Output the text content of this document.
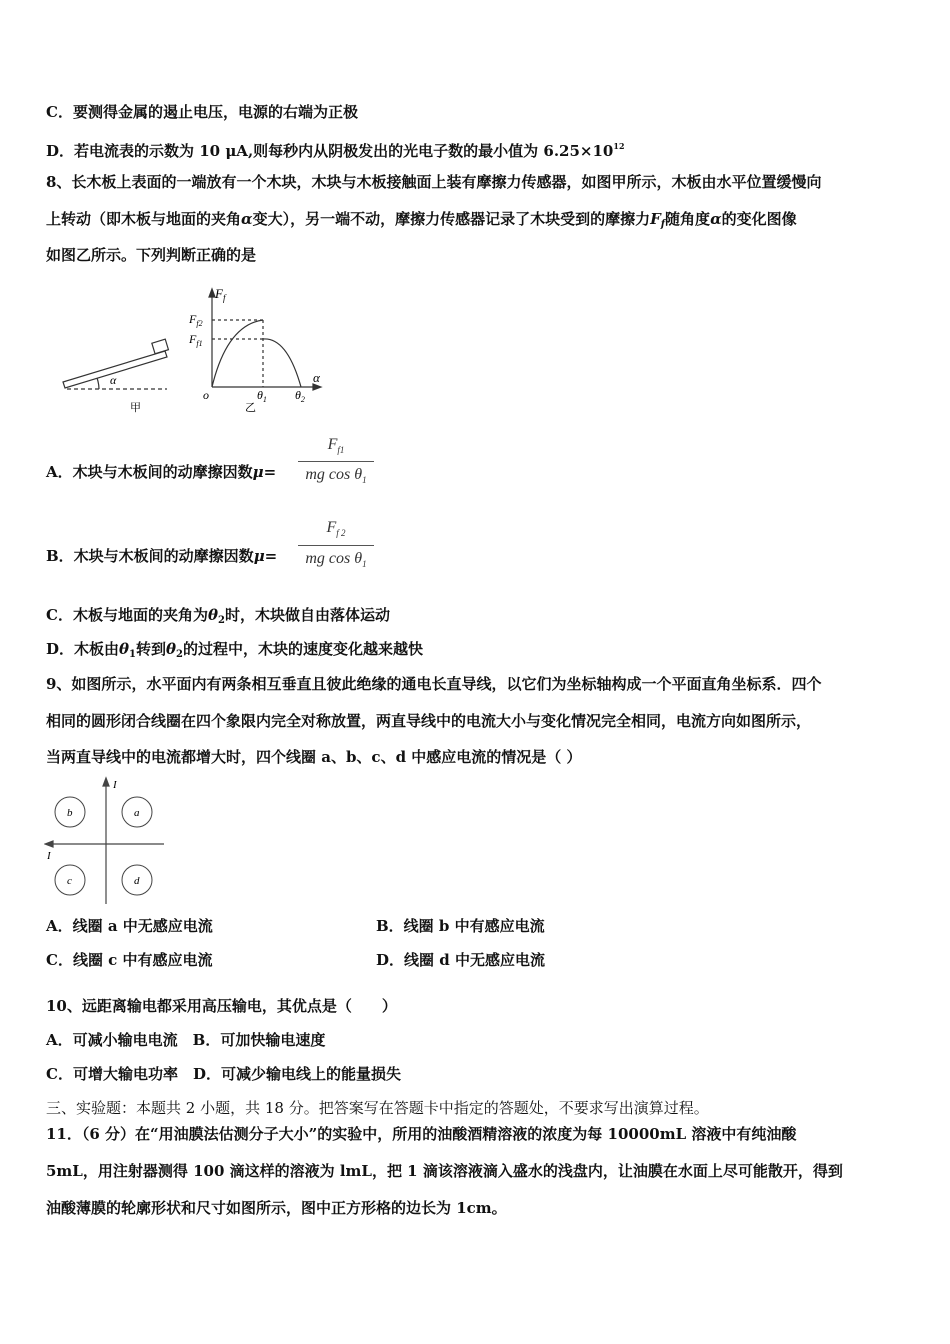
C．要测得金属的遏止电压，电源的右端为正极
D．若电流表的示数为 10 μA,则每秒内从阴极发出的光电子数的最小值为 $6.25\times 10^{12}$
8、长木板上表面的一端放有一个木块，木块与木板接触面上装有摩擦力传感器，如图甲所示，木板由水平位置缓慢向
上转动（即木板与地面的夹角α变大），另一端不动，摩擦力传感器记录了木块受到的摩擦力$F_f$随角度α的变化图像
如图乙所示。下列判断正确的是
α
甲
$F_f$
$F_{f2}$
$F_{f1}$
o	$\theta_1$ $\theta_2$
α
乙
A．木块与木板间的动摩擦因数μ=
$F_{f1}$
mg $\cos \theta_1$
B．木块与木板间的动摩擦因数μ=
$F_{f 2}$
mg $\cos \theta_1$
C．木板与地面的夹角为$\theta_2$时，木块做自由落体运动
D．木板由$\theta_1$转到$\theta_2$的过程中，木块的速度变化越来越快
9、如图所示，水平面内有两条相互垂直且彼此绝缘的通电长直导线，以它们为坐标轴构成一个平面直角坐标系．四个
相同的圆形闭合线圈在四个象限内完全对称放置，两直导线中的电流大小与变化情况完全相同，电流方向如图所示，
当两直导线中的电流都增大时，四个线圈 a、b、c、d 中感应电流的情况是（ ）
b	a
c	d
I
I
A．线圈 a 中无感应电流	B．线圈 b 中有感应电流
C．线圈 c 中有感应电流	D．线圈 d 中无感应电流
10、远距离输电都采用高压输电，其优点是（　　）
A．可减小输电电流　B．可加快输电速度
C．可增大输电功率　D．可减少输电线上的能量损失
三、实验题：本题共 2 小题，共 18 分。把答案写在答题卡中指定的答题处，不要求写出演算过程。
11．（6 分）在“用油膜法估测分子大小”的实验中，所用的油酸酒精溶液的浓度为每 10000mL 溶液中有纯油酸
5mL，用注射器测得 100 滴这样的溶液为 lmL，把 1 滴该溶液滴入盛水的浅盘内，让油膜在水面上尽可能散开，得到
油酸薄膜的轮廓形状和尺寸如图所示，图中正方形格的边长为 1cm。
